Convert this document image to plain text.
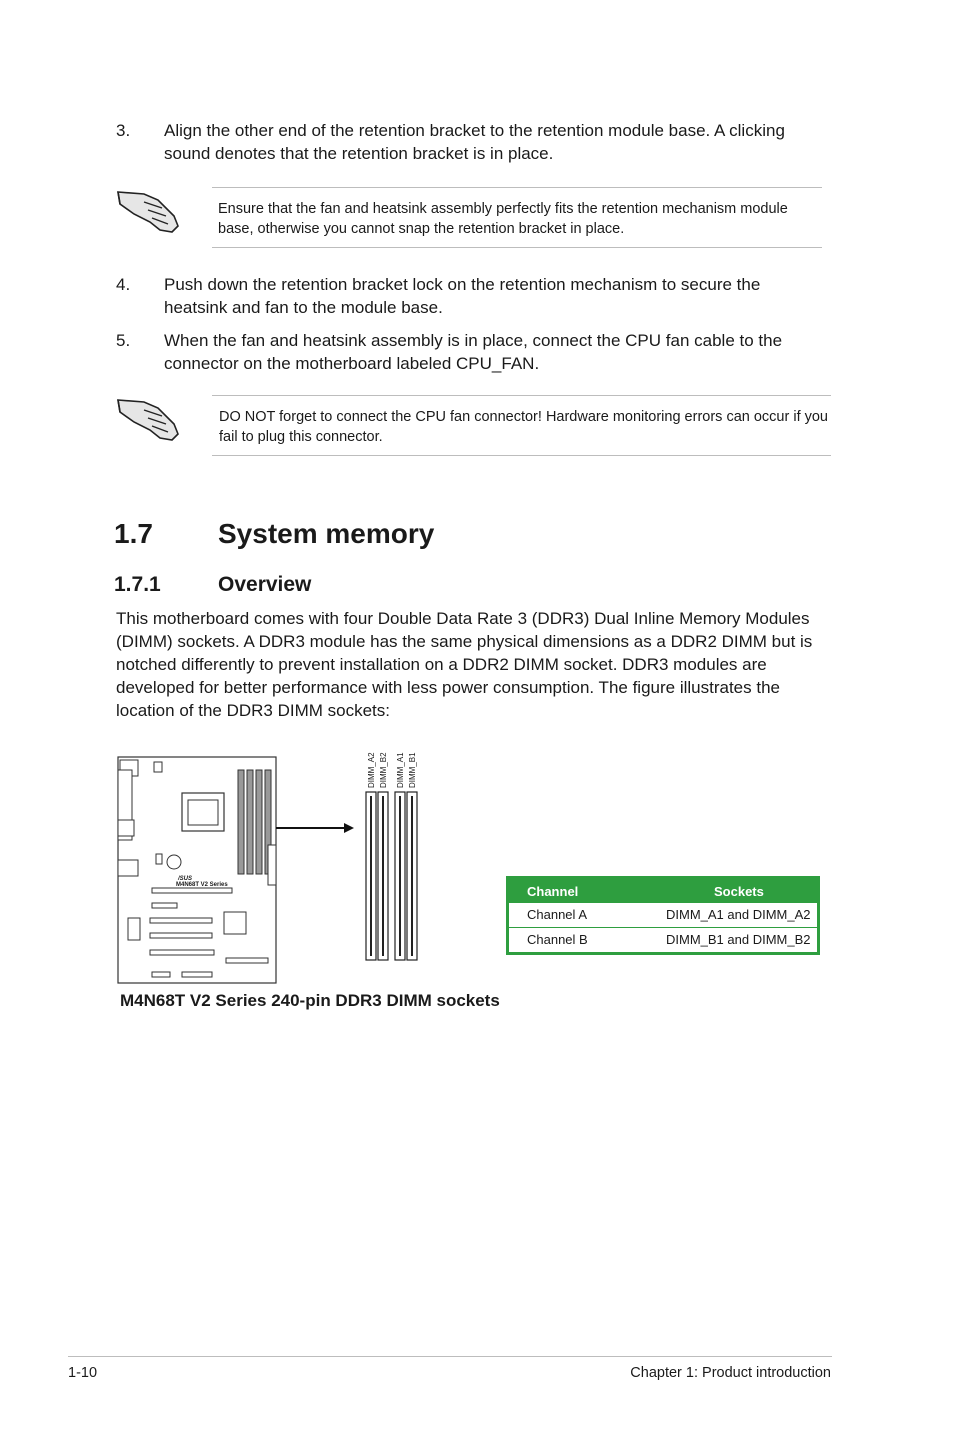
3. Align the other end of the retention bracket to the retention module base. A clicking sound denotes that the retention bracket is in place.
Ensure that the fan and heatsink assembly perfectly fits the retention mechanism module base, otherwise you cannot snap the retention bracket in place.
4. Push down the retention bracket lock on the retention mechanism to secure the heatsink and fan to the module base.
5. When the fan and heatsink assembly is in place, connect the CPU fan cable to the connector on the motherboard labeled CPU_FAN.
DO NOT forget to connect the CPU fan connector! Hardware monitoring errors can occur if you fail to plug this connector.
1.7 System memory
1.7.1	Overview
This motherboard comes with four Double Data Rate 3 (DDR3) Dual Inline Memory Modules (DIMM) sockets. A DDR3 module has the same physical dimensions as a DDR2 DIMM but is notched differently to prevent installation on a DDR2 DIMM socket. DDR3 modules are developed for better performance with less power consumption. The figure illustrates the location of the DDR3 DIMM sockets:
/SUS
M4N68T V2 Series
DIMM_A2 DIMM_B2 DIMM_A1 DIMM_B1
Channel	Sockets
Channel A	DIMM_A1 and DIMM_A2
Channel B	DIMM_B1 and DIMM_B2
M4N68T V2 Series 240-pin DDR3 DIMM sockets
1-10	Chapter 1: Product introduction
